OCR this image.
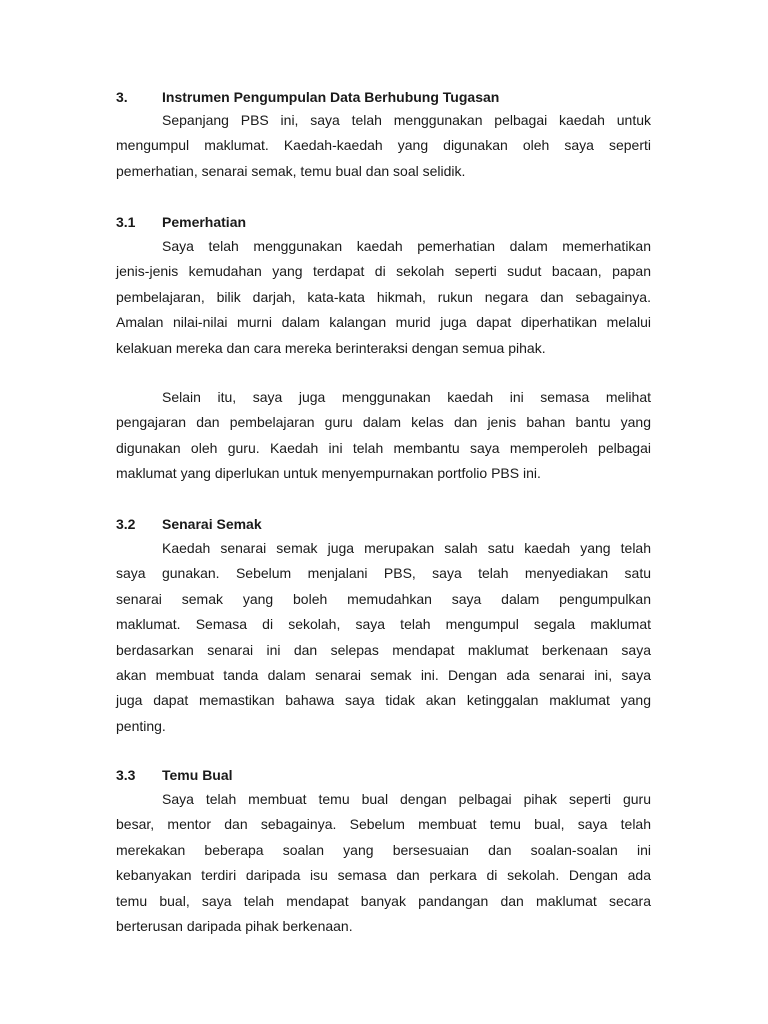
3. Instrumen Pengumpulan Data Berhubung Tugasan
Sepanjang PBS ini, saya telah menggunakan pelbagai kaedah untuk
mengumpul maklumat. Kaedah-kaedah yang digunakan oleh saya seperti
pemerhatian, senarai semak, temu bual dan soal selidik.
3.1 Pemerhatian
Saya telah menggunakan kaedah pemerhatian dalam memerhatikan
jenis-jenis kemudahan yang terdapat di sekolah seperti sudut bacaan, papan
pembelajaran, bilik darjah, kata-kata hikmah, rukun negara dan sebagainya.
Amalan nilai-nilai murni dalam kalangan murid juga dapat diperhatikan melalui
kelakuan mereka dan cara mereka berinteraksi dengan semua pihak.
Selain itu, saya juga menggunakan kaedah ini semasa melihat
pengajaran dan pembelajaran guru dalam kelas dan jenis bahan bantu yang
digunakan oleh guru. Kaedah ini telah membantu saya memperoleh pelbagai
maklumat yang diperlukan untuk menyempurnakan portfolio PBS ini.
3.2 Senarai Semak
Kaedah senarai semak juga merupakan salah satu kaedah yang telah
saya gunakan. Sebelum menjalani PBS, saya telah menyediakan satu
senarai semak yang boleh memudahkan saya dalam pengumpulkan
maklumat. Semasa di sekolah, saya telah mengumpul segala maklumat
berdasarkan senarai ini dan selepas mendapat maklumat berkenaan saya
akan membuat tanda dalam senarai semak ini. Dengan ada senarai ini, saya
juga dapat memastikan bahawa saya tidak akan ketinggalan maklumat yang
penting.
3.3 Temu Bual
Saya telah membuat temu bual dengan pelbagai pihak seperti guru
besar, mentor dan sebagainya. Sebelum membuat temu bual, saya telah
merekakan beberapa soalan yang bersesuaian dan soalan-soalan ini
kebanyakan terdiri daripada isu semasa dan perkara di sekolah. Dengan ada
temu bual, saya telah mendapat banyak pandangan dan maklumat secara
berterusan daripada pihak berkenaan.
